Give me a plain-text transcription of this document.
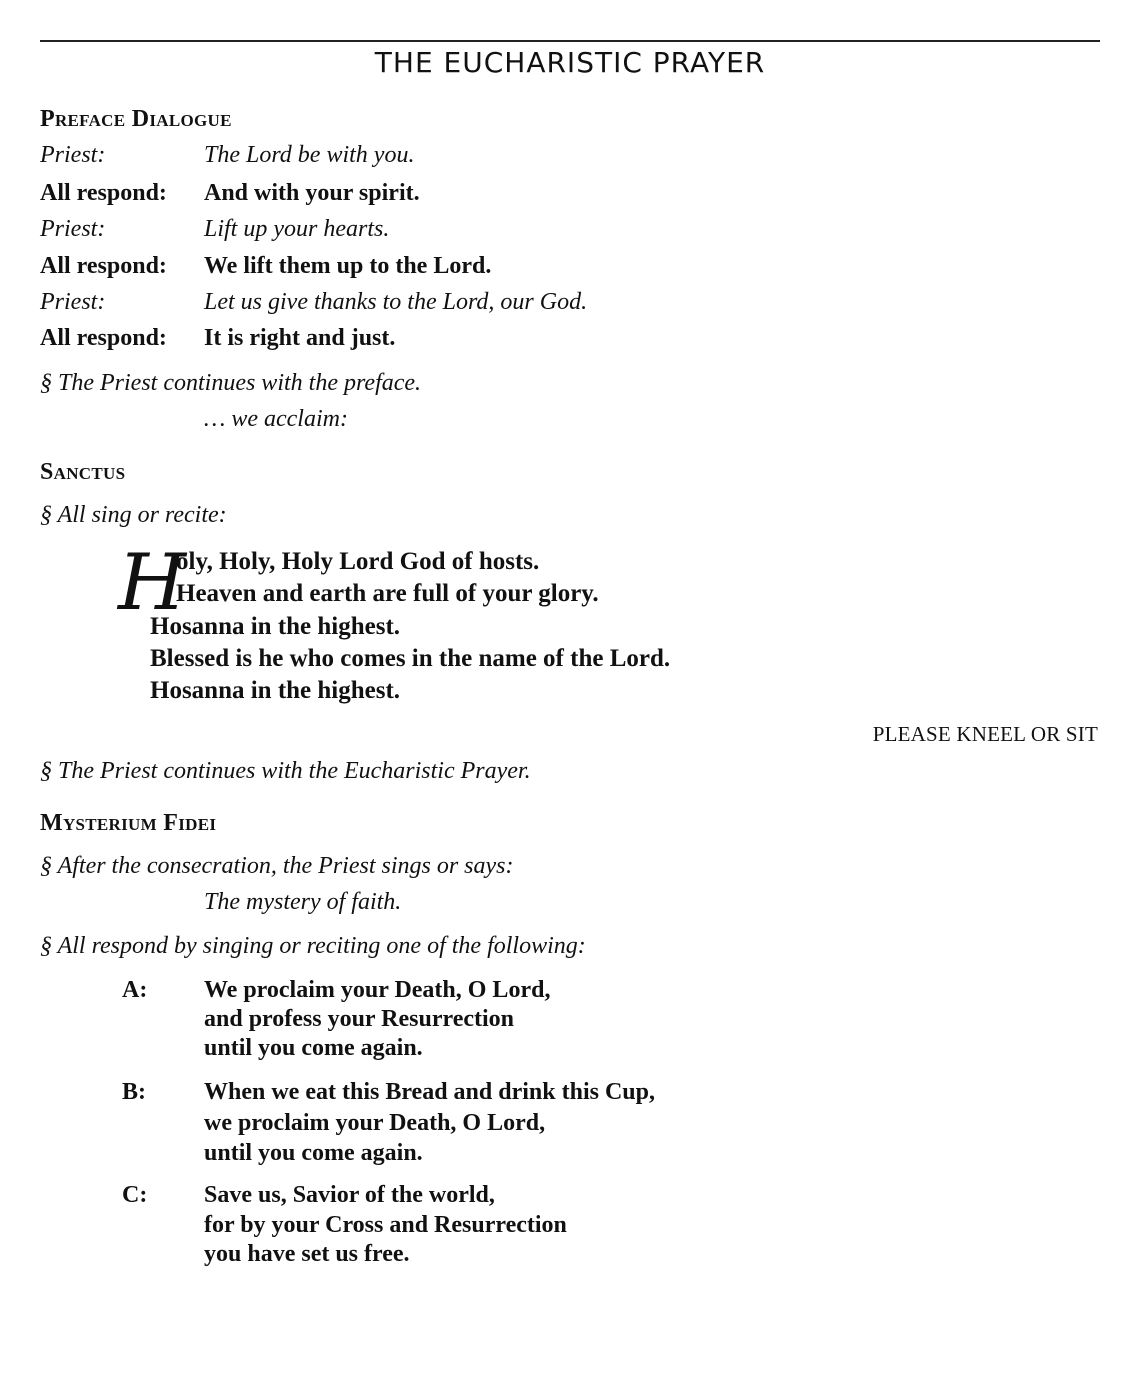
THE EUCHARISTIC PRAYER
Preface Dialogue
Priest:	The Lord be with you.
All respond: And with your spirit.
Priest:	Lift up your hearts.
All respond: We lift them up to the Lord.
Priest:	Let us give thanks to the Lord, our God.
All respond: It is right and just.
§ The Priest continues with the preface.
… we acclaim:
Sanctus
§ All sing or recite:
H
oly, Holy, Holy Lord God of hosts.
Heaven and earth are full of your glory.
Hosanna in the highest.
Blessed is he who comes in the name of the Lord.
Hosanna in the highest.
PLEASE KNEEL OR SIT
§ The Priest continues with the Eucharistic Prayer.
Mysterium Fidei
§ After the consecration, the Priest sings or says:
The mystery of faith.
§ All respond by singing or reciting one of the following:
A: We proclaim your Death, O Lord,
and profess your Resurrection
until you come again.
B: When we eat this Bread and drink this Cup,
we proclaim your Death, O Lord,
until you come again.
C: Save us, Savior of the world,
for by your Cross and Resurrection
you have set us free.
